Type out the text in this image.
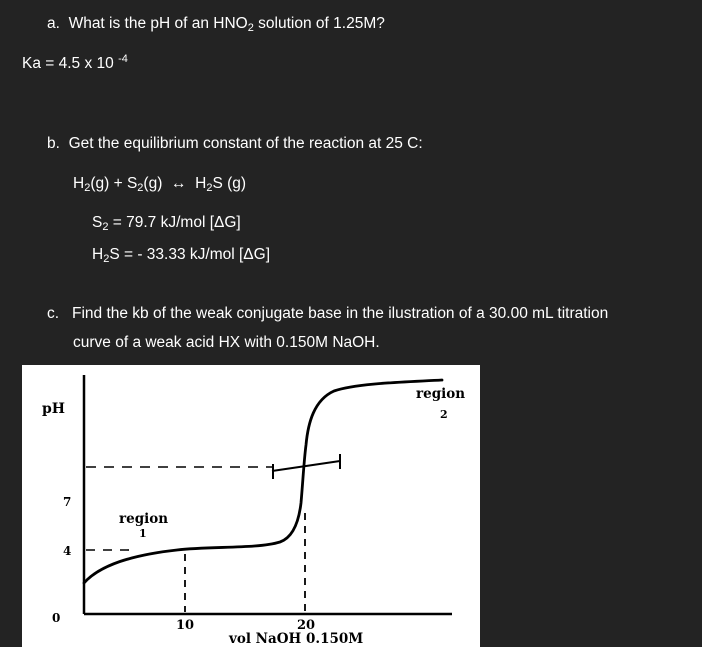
a. What is the pH of an $HNO_2$ solution of 1.25M?
Ka = 4.5 x 10 $^{-4}$
b. Get the equilibrium constant of the reaction at 25 C:
$H_2(g) + S_2(g)$ ↔ $H_2S$ (g)
$S_2 = 79.7$ kJ/mol [ΔG]
$H_2S$ = - 33.33 kJ/mol [ΔG]
c. Find the kb of the weak conjugate base in the ilustration of a 30.00 mL titration
curve of a weak acid HX with 0.150M NaOH.
pH
7
4
0	10	20
vol NaOH 0.150M
region
1
region
2
